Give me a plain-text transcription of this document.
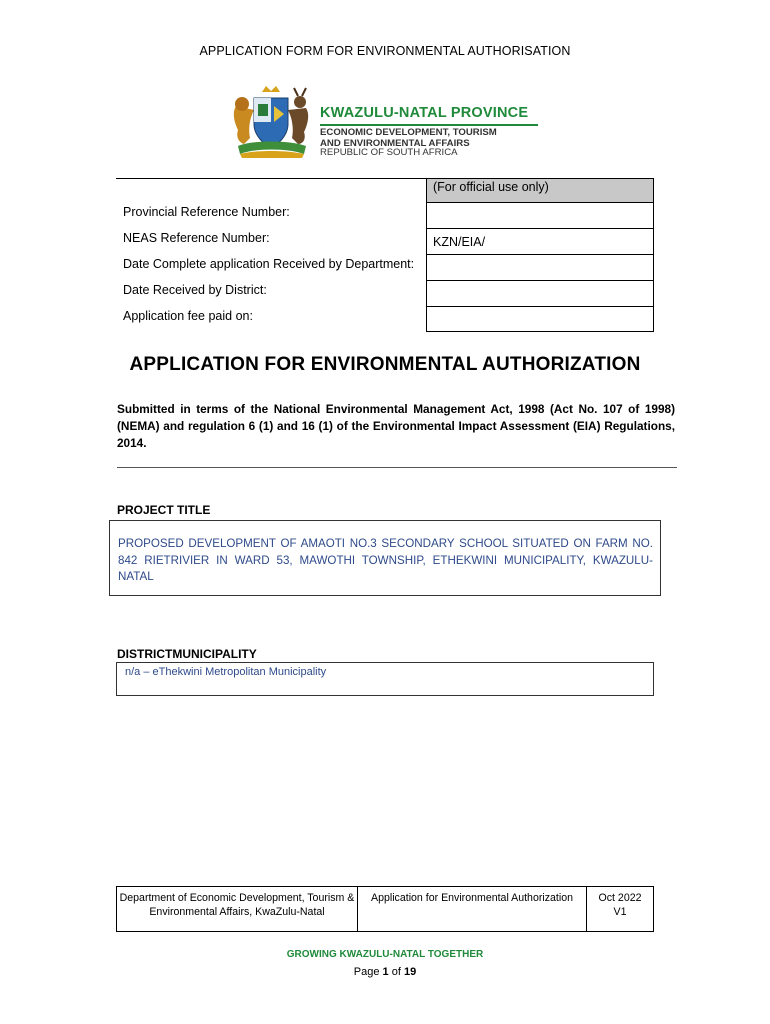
APPLICATION FORM FOR ENVIRONMENTAL AUTHORISATION
KWAZULU-NATAL PROVINCE
ECONOMIC DEVELOPMENT, TOURISM
AND ENVIRONMENTAL AFFAIRS
REPUBLIC OF SOUTH AFRICA
(For official use only)
KZN/EIA/
Provincial Reference Number:
NEAS Reference Number:
Date Complete application Received by Department:
Date Received by District:
Application fee paid on:
APPLICATION FOR ENVIRONMENTAL AUTHORIZATION
Submitted in terms of the National Environmental Management Act, 1998 (Act No. 107 of 1998)(NEMA) and regulation 6 (1) and 16 (1) of the Environmental Impact Assessment (EIA) Regulations, 2014.
PROJECT TITLE
PROPOSED DEVELOPMENT OF AMAOTI NO.3 SECONDARY SCHOOL SITUATED ON FARM NO. 842 RIETRIVIER IN WARD 53, MAWOTHI TOWNSHIP, ETHEKWINI MUNICIPALITY, KWAZULU-NATAL
DISTRICTMUNICIPALITY
n/a – eThekwini Metropolitan Municipality
Department of Economic Development, Tourism & Environmental Affairs, KwaZulu-Natal
Application for Environmental Authorization	Oct 2022
V1
GROWING KWAZULU-NATAL TOGETHER
Page 1 of 19
